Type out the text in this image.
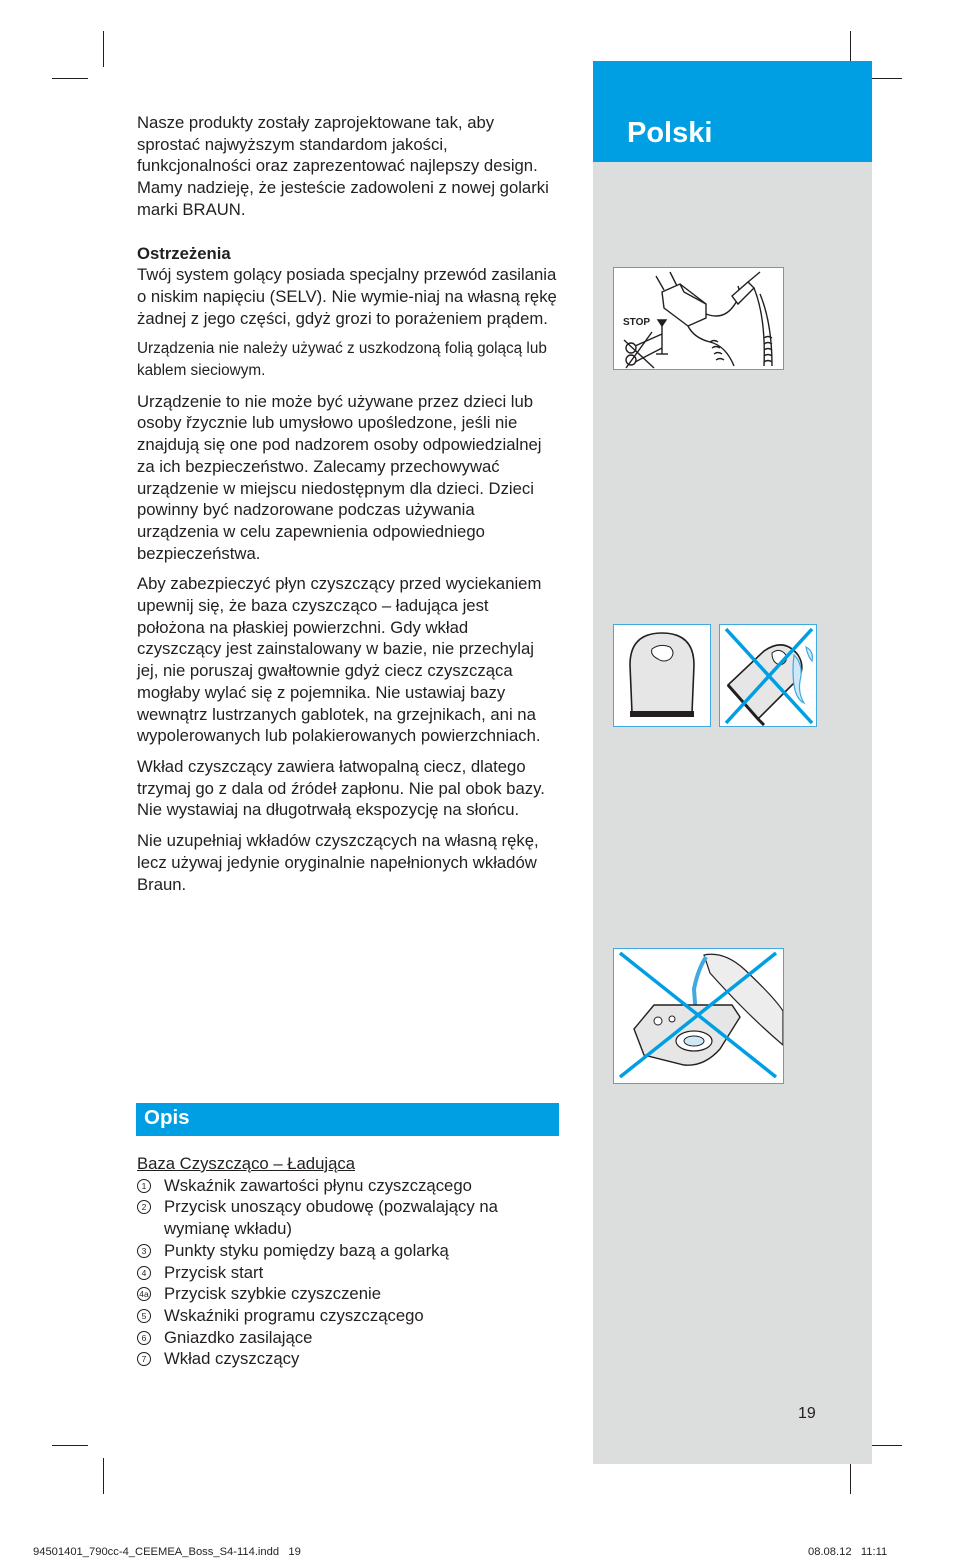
Polski
STOP
19

Nasze produkty zostały zaprojektowane tak, aby sprostać najwyższym standardom jakości, funkcjonalności oraz zaprezentować najlepszy design. Mamy nadzieję, że jesteście zadowoleni z nowej golarki marki BRAUN.

Ostrzeżenia

Twój system golący posiada specjalny przewód zasilania o niskim napięciu (SELV). Nie wymie-niaj na własną rękę żadnej z jego części, gdyż grozi to porażeniem prądem.

Urządzenia nie należy używać z uszkodzoną folią golącą lub kablem sieciowym.

Urządzenie to nie może być używane przez dzieci lub osoby řzycznie lub umysłowo upośledzone, jeśli nie znajdują się one pod nadzorem osoby odpowiedzialnej za ich bezpieczeństwo. Zalecamy przechowywać urządzenie w miejscu niedostępnym dla dzieci. Dzieci powinny być nadzorowane podczas używania urządzenia w celu zapewnienia odpowiedniego bezpieczeństwa.

Aby zabezpieczyć płyn czyszczący przed wyciekaniem upewnij się, że baza czyszcząco – ładująca jest położona na płaskiej powierzchni. Gdy wkład czyszczący jest zainstalowany w bazie, nie przechylaj jej, nie poruszaj gwałtownie gdyż ciecz czyszcząca mogłaby wylać się z pojemnika. Nie ustawiaj bazy wewnątrz lustrzanych gablotek, na grzejnikach, ani na wypolerowanych lub polakierowanych powierzchniach.

Wkład czyszczący zawiera łatwopalną ciecz, dlatego trzymaj go z dala od źródeł zapłonu. Nie pal obok bazy. Nie wystawiaj na długotrwałą ekspozycję na słońcu.

Nie uzupełniaj wkładów czyszczących na własną rękę, lecz używaj jedynie oryginalnie napełnionych wkładów Braun.

Opis
Baza Czyszcząco – Ładująca
1 Wskaźnik zawartości płynu czyszczącego
2 Przycisk unoszący obudowę (pozwalający na wymianę wkładu)
3 Punkty styku pomiędzy bazą a golarką
4 Przycisk start
4a Przycisk szybkie czyszczenie
5 Wskaźniki programu czyszczącego
6 Gniazdko zasilające
7 Wkład czyszczący
94501401_790cc-4_CEEMEA_Boss_S4-114.indd   19	08.08.12   11:11
